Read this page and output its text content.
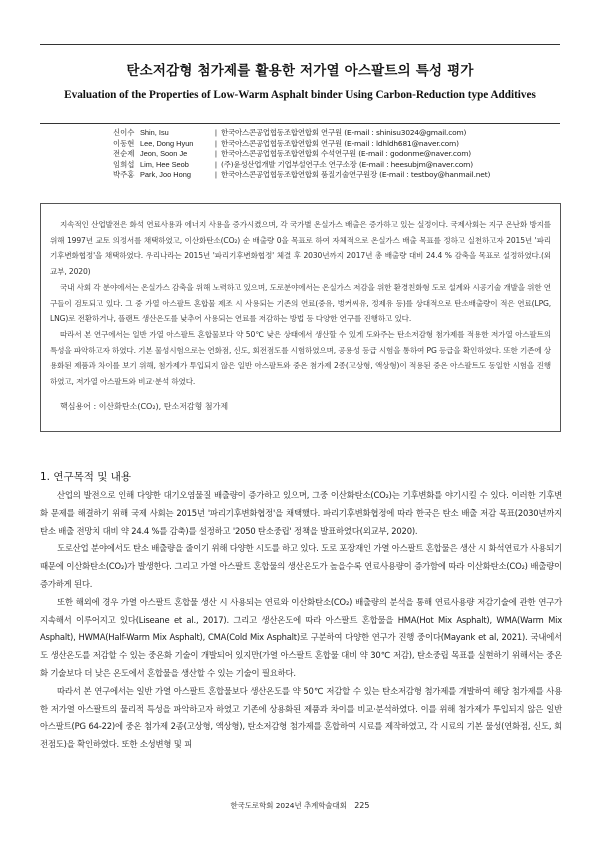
탄소저감형 첨가제를 활용한 저가열 아스팔트의 특성 평가
Evaluation of the Properties of Low-Warm Asphalt binder Using Carbon-Reduction type Additives
신이수 Shin, Isu	| 한국아스콘공업협동조합연합회 연구원 (E-mail : shinisu3024@gmail.com)
이동현 Lee, Dong Hyun	| 한국아스콘공업협동조합연합회 연구원 (E-mail : ldhldh681@naver.com)
전순제 Jeon, Soon Je	| 한국아스콘공업협동조합연합회 수석연구원 (E-mail : godonme@naver.com)
임희섭 Lim, Hee Seob	| (주)윤성산업개발 기업부설연구소 연구소장 (E-mail : heesubjm@naver.com)
박주홍 Park, Joo Hong	| 한국아스콘공업협동조합연합회 품질기술연구원장 (E-mail : testboy@hanmail.net)

지속적인 산업발전은 화석 연료사용과 에너지 사용을 증가시켰으며, 각 국가별 온실가스 배출은 증가하고 있는 실정이다. 국제사회는 지구 온난화 방지를 위해 1997년 교토 의정서를 채택하였고, 이산화탄소(CO₂) 순 배출량 0을 목표로 하여 자체적으로 온실가스 배출 목표를 정하고 실천하고자 2015년 '파리기후변화협정'을 채택하였다. 우리나라는 2015년 '파리기후변화협정' 체결 후 2030년까지 2017년 총 배출량 대비 24.4 % 감축을 목표로 설정하였다.(외교부, 2020)

국내 사회 각 분야에서는 온실가스 감축을 위해 노력하고 있으며, 도로분야에서는 온실가스 저감을 위한 환경친화형 도로 설계와 시공기술 개발을 위한 연구들이 검토되고 있다. 그 중 가열 아스팔트 혼합물 제조 시 사용되는 기존의 연료(중유, 벙커씨유, 정제유 등)를 상대적으로 탄소배출량이 적은 연료(LPG, LNG)로 전환하거나, 플랜트 생산온도를 낮추어 사용되는 연료를 저감하는 방법 등 다양한 연구를 진행하고 있다.

따라서 본 연구에서는 일반 가열 아스팔트 혼합물보다 약 50℃ 낮은 상태에서 생산할 수 있게 도와주는 탄소저감형 첨가제를 적용한 저가열 아스팔트의 특성을 파악하고자 하였다. 기본 물성시험으로는 연화점, 신도, 회전점도를 시험하였으며, 공용성 등급 시험을 통하여 PG 등급을 확인하였다. 또한 기존에 상용화된 제품과 차이를 보기 위해, 첨가제가 투입되지 않은 일반 아스팔트와 중온 첨가제 2종(고상형, 액상형)이 적용된 중온 아스팔트도 동일한 시험을 진행하였고, 저가열 아스팔트와 비교·분석 하였다.

핵심용어 : 이산화탄소(CO₂), 탄소저감형 첨가제
1. 연구목적 및 내용

산업의 발전으로 인해 다양한 대기오염물질 배출량이 증가하고 있으며, 그중 이산화탄소(CO₂)는 기후변화를 야기시킬 수 있다. 이러한 기후변화 문제를 해결하기 위해 국제 사회는 2015년 '파리기후변화협정'을 채택했다. 파리기후변화협정에 따라 한국은 탄소 배출 저감 목표(2030년까지 탄소 배출 전망치 대비 약 24.4 %를 감축)를 설정하고 '2050 탄소중립' 정책을 발표하였다(외교부, 2020).

도로산업 분야에서도 탄소 배출량을 줄이기 위해 다양한 시도를 하고 있다. 도로 포장재인 가열 아스팔트 혼합물은 생산 시 화석연료가 사용되기 때문에 이산화탄소(CO₂)가 발생한다. 그리고 가열 아스팔트 혼합물의 생산온도가 높을수록 연료사용량이 증가함에 따라 이산화탄소(CO₂) 배출량이 증가하게 된다.

또한 해외에 경우 가열 아스팔트 혼합물 생산 시 사용되는 연료와 이산화탄소(CO₂) 배출량의 분석을 통해 연료사용량 저감기술에 관한 연구가 지속해서 이루어지고 있다(Liseane et al., 2017). 그리고 생산온도에 따라 아스팔트 혼합물을 HMA(Hot Mix Asphalt), WMA(Warm Mix Asphalt), HWMA(Half-Warm Mix Asphalt), CMA(Cold Mix Asphalt)로 구분하여 다양한 연구가 진행 중이다(Mayank et al, 2021). 국내에서도 생산온도를 저감할 수 있는 중온화 기술이 개발되어 있지만(가열 아스팔트 혼합물 대비 약 30℃ 저감), 탄소중립 목표를 실현하기 위해서는 중온화 기술보다 더 낮은 온도에서 혼합물을 생산할 수 있는 기술이 필요하다.

따라서 본 연구에서는 일반 가열 아스팔트 혼합물보다 생산온도를 약 50℃ 저감할 수 있는 탄소저감형 첨가제를 개발하여 해당 첨가제를 사용한 저가열 아스팔트의 물리적 특성을 파악하고자 하였고 기존에 상용화된 제품과 차이를 비교·분석하였다. 이를 위해 첨가제가 투입되지 않은 일반 아스팔트(PG 64-22)에 중온 첨가제 2종(고상형, 액상형), 탄소저감형 첨가제를 혼합하여 시료를 제작하였고, 각 시료의 기본 물성(연화점, 신도, 회전점도)을 확인하였다. 또한 소성변형 및 피

한국도로학회 2024년 추계학술대회 225
